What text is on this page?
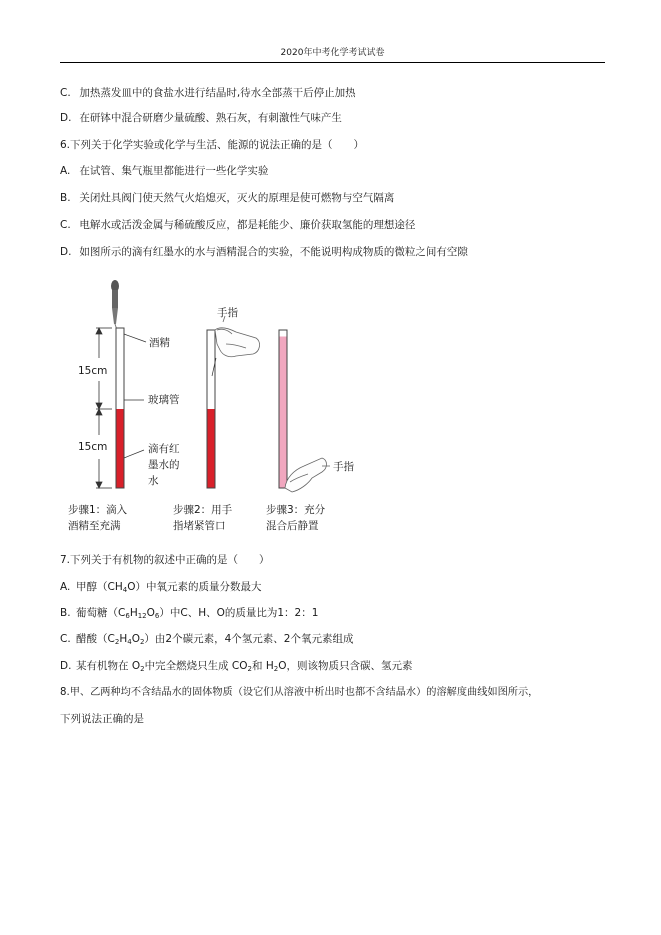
2020年中考化学考试试卷
C. 加热蒸发皿中的食盐水进行结晶时,待水全部蒸干后停止加热
D. 在研钵中混合研磨少量硫酸、熟石灰，有刺激性气味产生
6.下列关于化学实验或化学与生活、能源的说法正确的是（　　）
A. 在试管、集气瓶里都能进行一些化学实验
B. 关闭灶具阀门使天然气火焰熄灭，灭火的原理是使可燃物与空气隔离
C. 电解水或活泼金属与稀硫酸反应，都是耗能少、廉价获取氢能的理想途径
D. 如图所示的滴有红墨水的水与酒精混合的实验，不能说明构成物质的微粒之间有空隙
15cm
15cm
酒精
玻璃管
滴有红
墨水的
水
手指
手指
步骤1：滴入
酒精至充满
步骤2：用手
指堵紧管口
步骤3：充分
混合后静置
7.下列关于有机物的叙述中正确的是（　　）
A. 甲醇$(CH_4O)$中氧元素的质量分数最大
B. 葡萄糖$(C_6H_{12}O_6)$中C、H、O的质量比为1：2：1
C. 醋酸$(C_2H_4O_2)$由2个碳元素，4个氢元素、2个氧元素组成
D. 某有机物在 $O_2$中完全燃烧只生成 $CO_2$和 $H_2O$，则该物质只含碳、氢元素
8.甲、乙两种均不含结晶水的固体物质（设它们从溶液中析出时也都不含结晶水）的溶解度曲线如图所示，
下列说法正确的是
